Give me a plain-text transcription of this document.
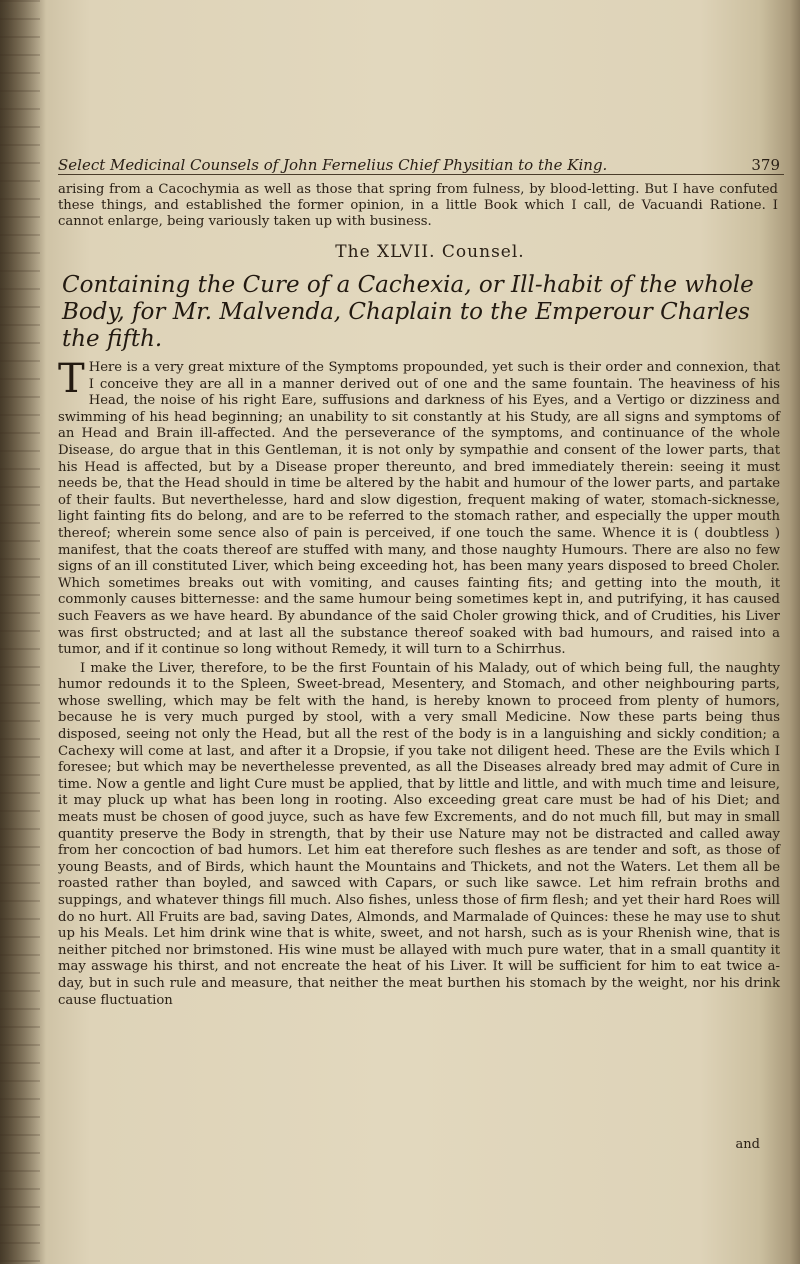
Select Medicinal Counsels of John Fernelius Chief Physitian to the King.	379
arising from a Cacochymia as well as those that spring from fulness, by blood-letting. But I have confuted these things, and established the former opinion, in a little Book which I call, de Vacuandi Ratione. I cannot enlarge, being variously taken up with business.
The XLVII. Counsel.
Containing the Cure of a Cachexia, or Ill-habit of the whole Body, for Mr. Malvenda, Chaplain to the Emperour Charles the fifth.

T Here is a very great mixture of the Symptoms propounded, yet such is their order and connexion, that I conceive they are all in a manner derived out of one and the same fountain. The heaviness of his Head, the noise of his right Eare, suffusions and darkness of his Eyes, and a Vertigo or dizziness and swimming of his head beginning; an unability to sit constantly at his Study, are all signs and symptoms of an Head and Brain ill-affected. And the perseverance of the symptoms, and continuance of the whole Disease, do argue that in this Gentleman, it is not only by sympathie and consent of the lower parts, that his Head is affected, but by a Disease proper thereunto, and bred immediately therein: seeing it must needs be, that the Head should in time be altered by the habit and humour of the lower parts, and partake of their faults. But neverthelesse, hard and slow digestion, frequent making of water, stomach-sicknesse, light fainting fits do belong, and are to be referred to the stomach rather, and especially the upper mouth thereof; wherein some sence also of pain is perceived, if one touch the same. Whence it is ( doubtless ) manifest, that the coats thereof are stuffed with many, and those naughty Humours. There are also no few signs of an ill constituted Liver, which being exceeding hot, has been many years disposed to breed Choler. Which sometimes breaks out with vomiting, and causes fainting fits; and getting into the mouth, it commonly causes bitternesse: and the same humour being sometimes kept in, and putrifying, it has caused such Feavers as we have heard. By abundance of the said Choler growing thick, and of Crudities, his Liver was first obstructed; and at last all the substance thereof soaked with bad humours, and raised into a tumor, and if it continue so long without Remedy, it will turn to a Schirrhus.

I make the Liver, therefore, to be the first Fountain of his Malady, out of which being full, the naughty humor redounds it to the Spleen, Sweet-bread, Mesentery, and Stomach, and other neighbouring parts, whose swelling, which may be felt with the hand, is hereby known to proceed from plenty of humors, because he is very much purged by stool, with a very small Medicine. Now these parts being thus disposed, seeing not only the Head, but all the rest of the body is in a languishing and sickly condition; a Cachexy will come at last, and after it a Dropsie, if you take not diligent heed. These are the Evils which I foresee; but which may be neverthelesse prevented, as all the Diseases already bred may admit of Cure in time. Now a gentle and light Cure must be applied, that by little and little, and with much time and leisure, it may pluck up what has been long in rooting. Also exceeding great care must be had of his Diet; and meats must be chosen of good juyce, such as have few Excrements, and do not much fill, but may in small quantity preserve the Body in strength, that by their use Nature may not be distracted and called away from her concoction of bad humors. Let him eat therefore such fleshes as are tender and soft, as those of young Beasts, and of Birds, which haunt the Mountains and Thickets, and not the Waters. Let them all be roasted rather than boyled, and sawced with Capars, or such like sawce. Let him refrain broths and suppings, and whatever things fill much. Also fishes, unless those of firm flesh; and yet their hard Roes will do no hurt. All Fruits are bad, saving Dates, Almonds, and Marmalade of Quinces: these he may use to shut up his Meals. Let him drink wine that is white, sweet, and not harsh, such as is your Rhenish wine, that is neither pitched nor brimstoned. His wine must be allayed with much pure water, that in a small quantity it may asswage his thirst, and not encreate the heat of his Liver. It will be sufficient for him to eat twice a-day, but in such rule and measure, that neither the meat burthen his stomach by the weight, nor his drink cause fluctuation

and
